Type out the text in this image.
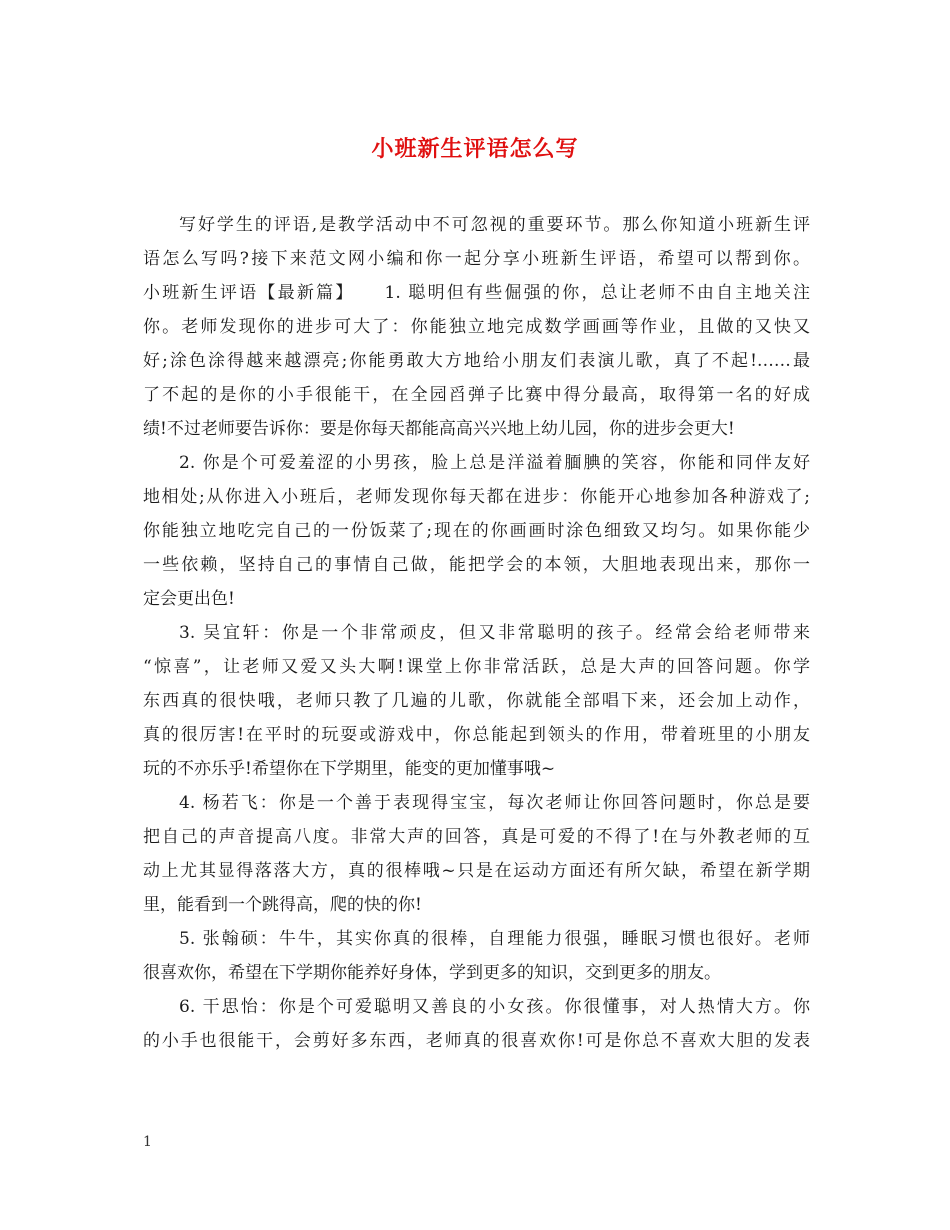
小班新生评语怎么写
写好学生的评语,是教学活动中不可忽视的重要环节。那么你知道小班新生评
语怎么写吗?接下来范文网小编和你一起分享小班新生评语，希望可以帮到你。
小班新生评语【最新篇】　　1. 聪明但有些倔强的你，总让老师不由自主地关注
你。老师发现你的进步可大了：你能独立地完成数学画画等作业，且做的又快又
好;涂色涂得越来越漂亮;你能勇敢大方地给小朋友们表演儿歌，真了不起!……最
了不起的是你的小手很能干，在全园舀弹子比赛中得分最高，取得第一名的好成
绩!不过老师要告诉你：要是你每天都能高高兴兴地上幼儿园，你的进步会更大!
2. 你是个可爱羞涩的小男孩，脸上总是洋溢着腼腆的笑容，你能和同伴友好
地相处;从你进入小班后，老师发现你每天都在进步：你能开心地参加各种游戏了;
你能独立地吃完自己的一份饭菜了;现在的你画画时涂色细致又均匀。如果你能少
一些依赖，坚持自己的事情自己做，能把学会的本领，大胆地表现出来，那你一
定会更出色!
3. 吴宜轩：你是一个非常顽皮，但又非常聪明的孩子。经常会给老师带来
“惊喜”，让老师又爱又头大啊!课堂上你非常活跃，总是大声的回答问题。你学
东西真的很快哦，老师只教了几遍的儿歌，你就能全部唱下来，还会加上动作，
真的很厉害!在平时的玩耍或游戏中，你总能起到领头的作用，带着班里的小朋友
玩的不亦乐乎!希望你在下学期里，能变的更加懂事哦~
4. 杨若飞：你是一个善于表现得宝宝，每次老师让你回答问题时，你总是要
把自己的声音提高八度。非常大声的回答，真是可爱的不得了!在与外教老师的互
动上尤其显得落落大方，真的很棒哦~只是在运动方面还有所欠缺，希望在新学期
里，能看到一个跳得高，爬的快的你!
5. 张翰硕：牛牛，其实你真的很棒，自理能力很强，睡眠习惯也很好。老师
很喜欢你，希望在下学期你能养好身体，学到更多的知识，交到更多的朋友。
6. 干思怡：你是个可爱聪明又善良的小女孩。你很懂事，对人热情大方。你
的小手也很能干，会剪好多东西，老师真的很喜欢你!可是你总不喜欢大胆的发表
1
